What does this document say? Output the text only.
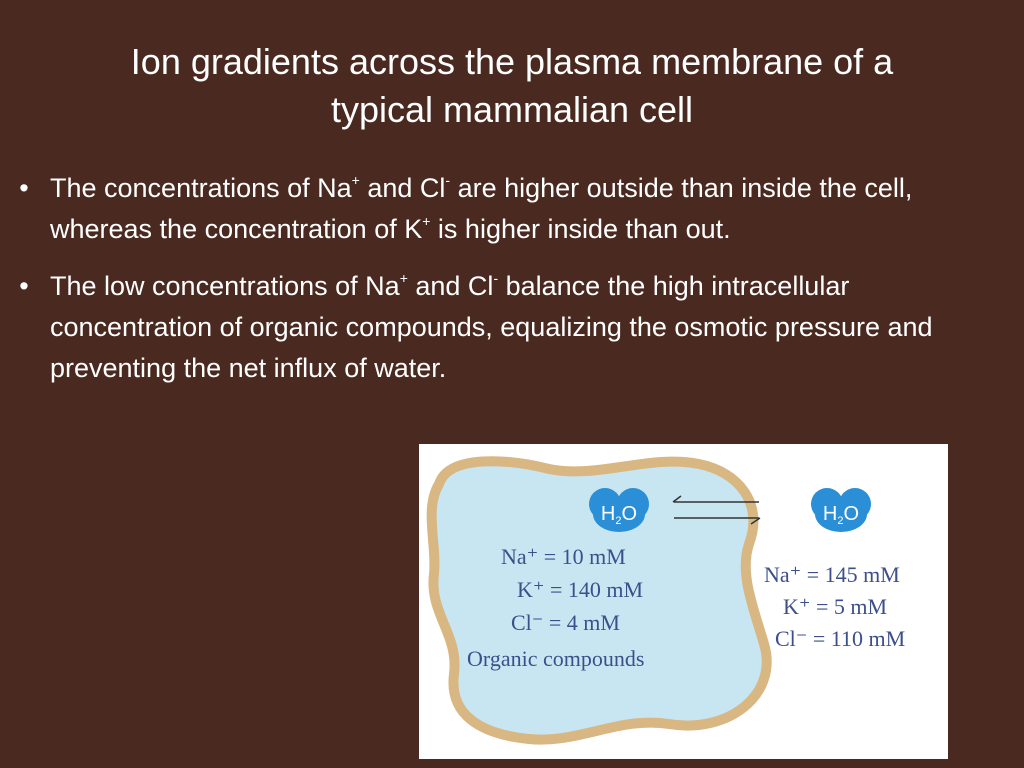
Ion gradients across the plasma membrane of a
typical mammalian cell
• The concentrations of Na+ and Cl- are higher outside than inside the cell, whereas the concentration of K+ is higher inside than out.
• The low concentrations of Na+ and Cl- balance the high intracellular concentration of organic compounds, equalizing the osmotic pressure and preventing the net influx of water.
$H_2O$	$H_2O$
Na⁺ = 10 mM
K⁺ = 140 mM
Cl⁻ = 4 mM
Organic compounds
Na⁺ = 145 mM
K⁺ = 5 mM
Cl⁻ = 110 mM
